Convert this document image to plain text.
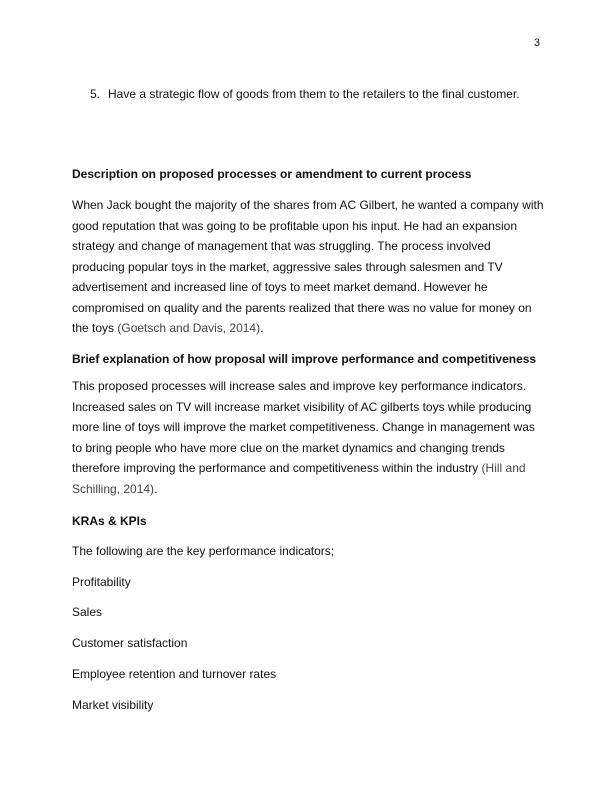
3
5. Have a strategic flow of goods from them to the retailers to the final customer.
Description on proposed processes or amendment to current process
When Jack bought the majority of the shares from AC Gilbert, he wanted a company with good reputation that was going to be profitable upon his input. He had an expansion strategy and change of management that was struggling. The process involved producing popular toys in the market, aggressive sales through salesmen and TV advertisement and increased line of toys to meet market demand. However he compromised on quality and the parents realized that there was no value for money on the toys (Goetsch and Davis, 2014).
Brief explanation of how proposal will improve performance and competitiveness
This proposed processes will increase sales and improve key performance indicators. Increased sales on TV will increase market visibility of AC gilberts toys while producing more line of toys will improve the market competitiveness. Change in management was to bring people who have more clue on the market dynamics and changing trends therefore improving the performance and competitiveness within the industry (Hill and Schilling, 2014).
KRAs & KPIs
The following are the key performance indicators;
Profitability
Sales
Customer satisfaction
Employee retention and turnover rates
Market visibility
